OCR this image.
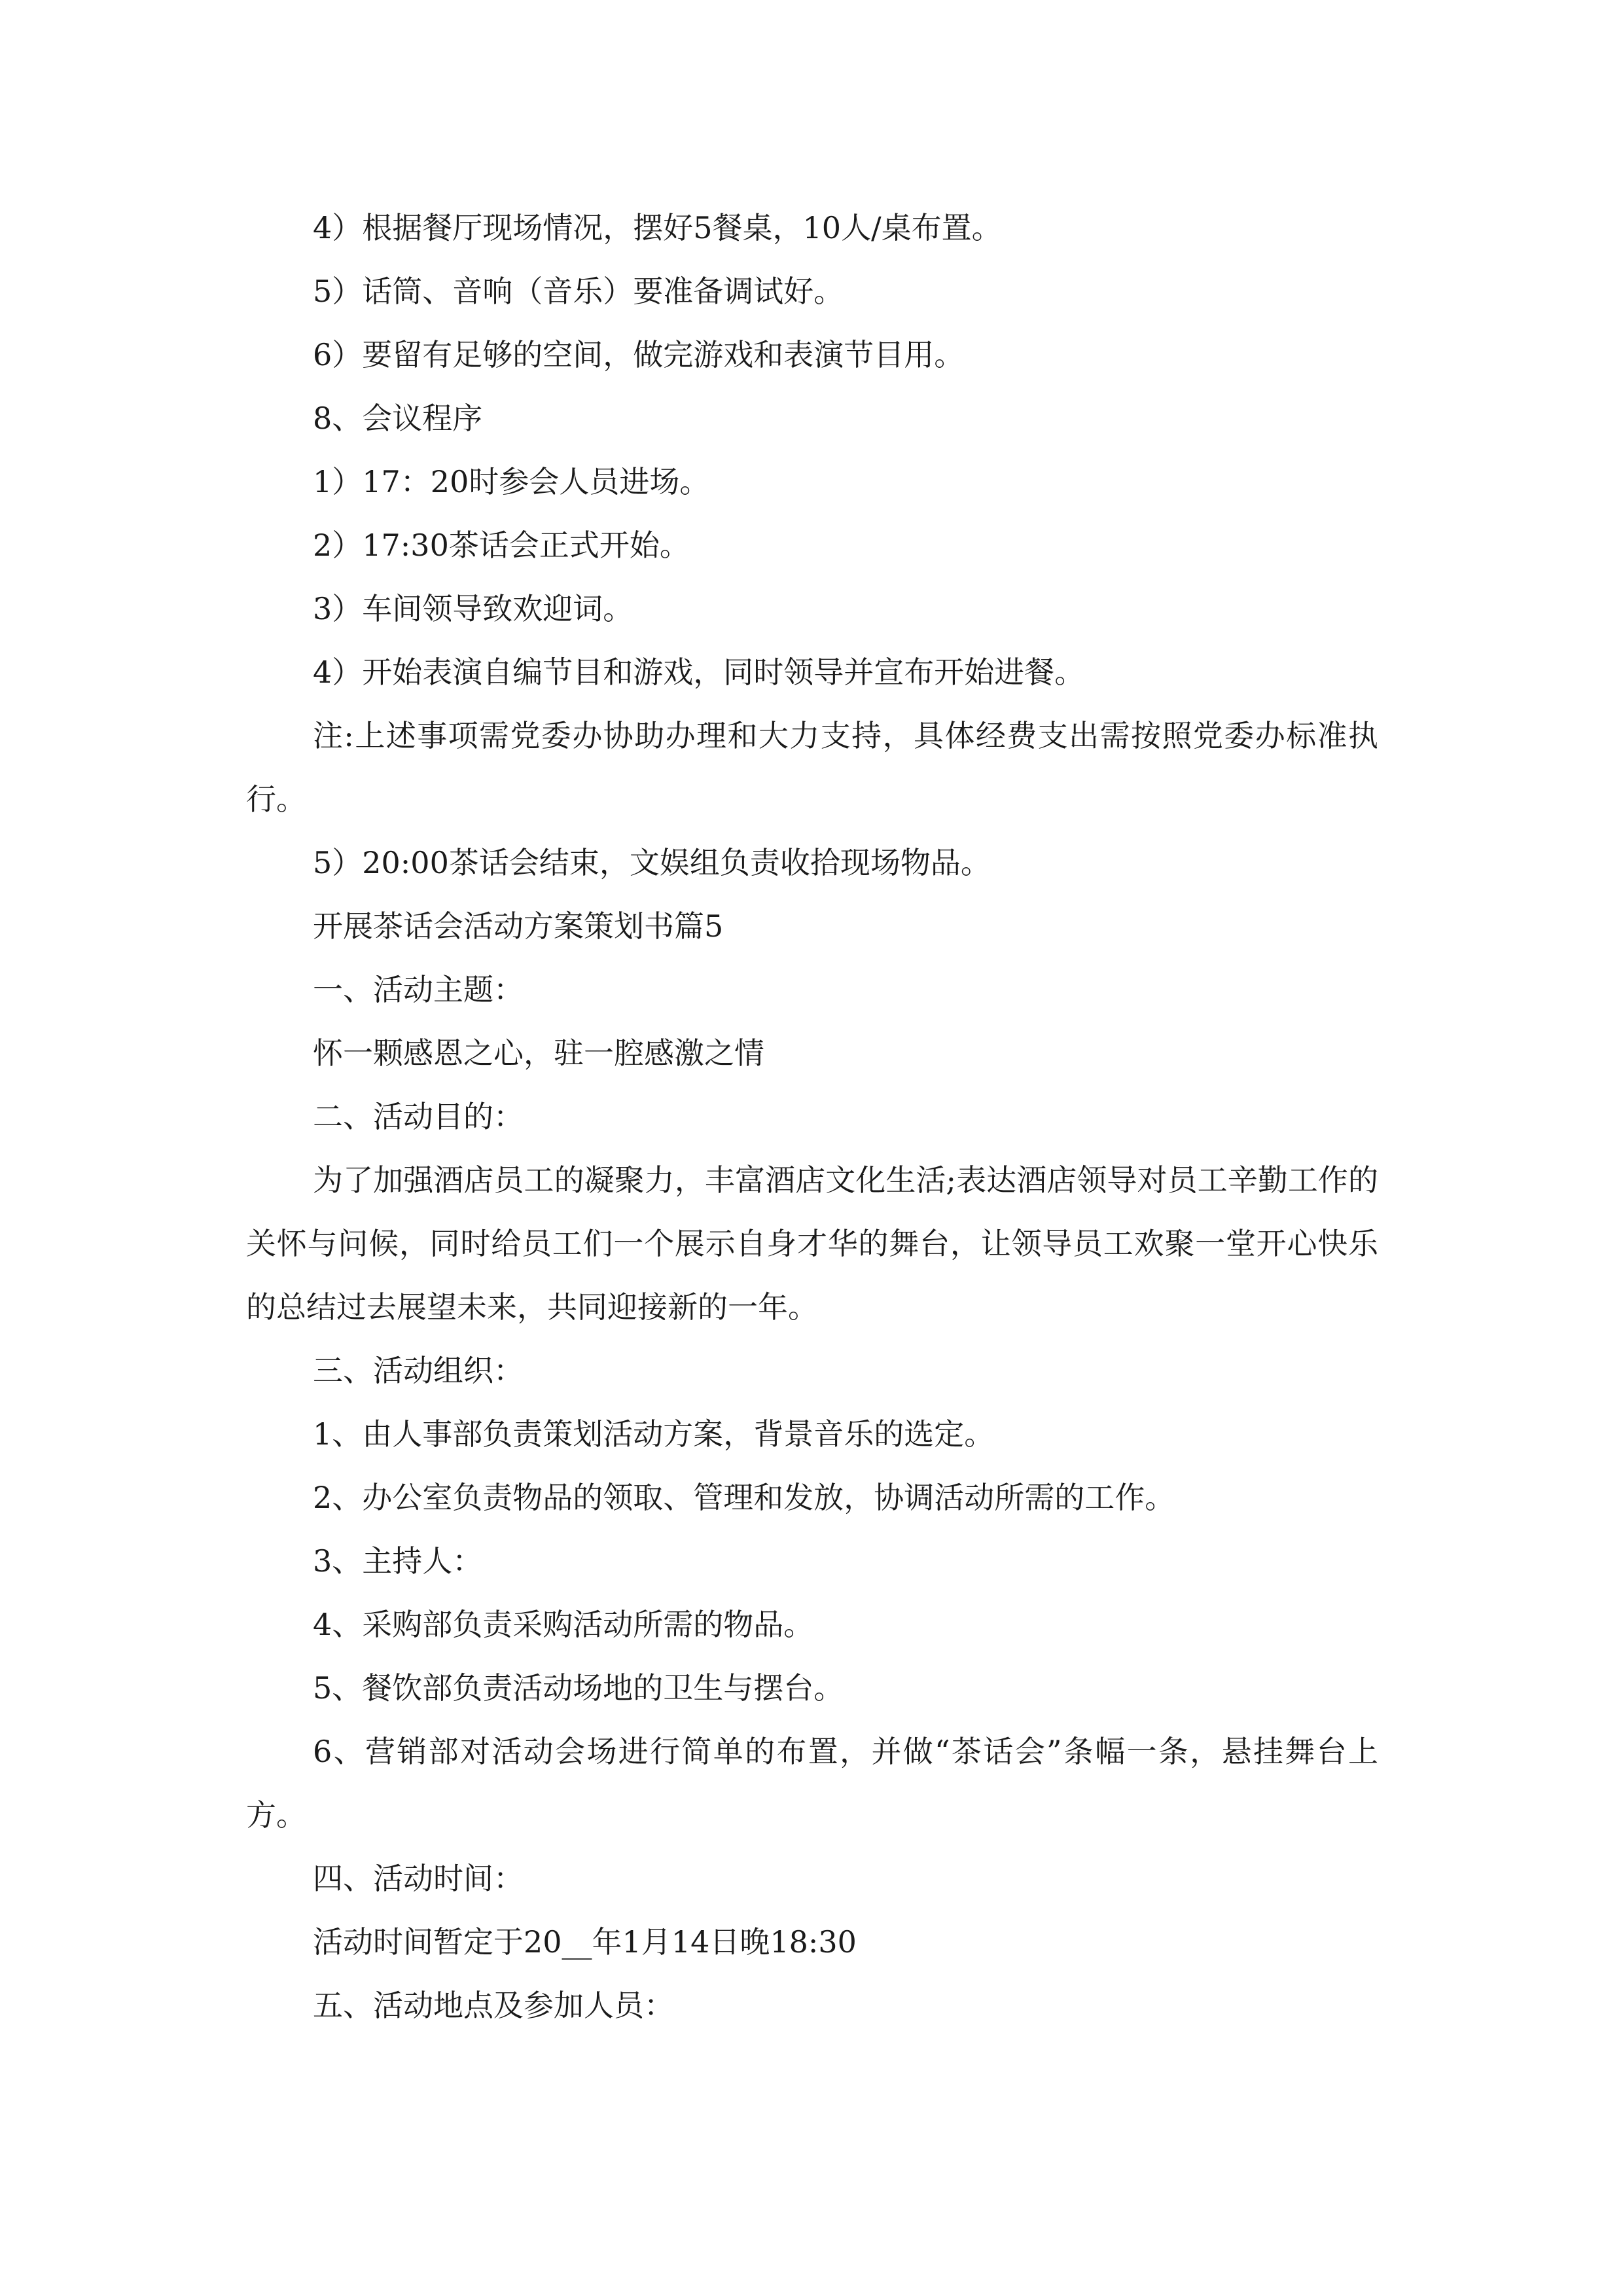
4）根据餐厅现场情况，摆好5餐桌，10人/桌布置。

5）话筒、音响（音乐）要准备调试好。

6）要留有足够的空间，做完游戏和表演节目用。

8、会议程序

1）17：20时参会人员进场。

2）17:30茶话会正式开始。

3）车间领导致欢迎词。

4）开始表演自编节目和游戏，同时领导并宣布开始进餐。

注:上述事项需党委办协助办理和大力支持，具体经费支出需按照党委办标准执行。

5）20:00茶话会结束，文娱组负责收拾现场物品。

开展茶话会活动方案策划书篇5

一、活动主题：

怀一颗感恩之心，驻一腔感激之情

二、活动目的：

为了加强酒店员工的凝聚力，丰富酒店文化生活;表达酒店领导对员工辛勤工作的关怀与问候，同时给员工们一个展示自身才华的舞台，让领导员工欢聚一堂开心快乐的总结过去展望未来，共同迎接新的一年。

三、活动组织：

1、由人事部负责策划活动方案，背景音乐的选定。

2、办公室负责物品的领取、管理和发放，协调活动所需的工作。

3、主持人：

4、采购部负责采购活动所需的物品。

5、餐饮部负责活动场地的卫生与摆台。

6、营销部对活动会场进行简单的布置，并做“茶话会”条幅一条，悬挂舞台上方。

四、活动时间：

活动时间暂定于20__年1月14日晚18:30

五、活动地点及参加人员：
